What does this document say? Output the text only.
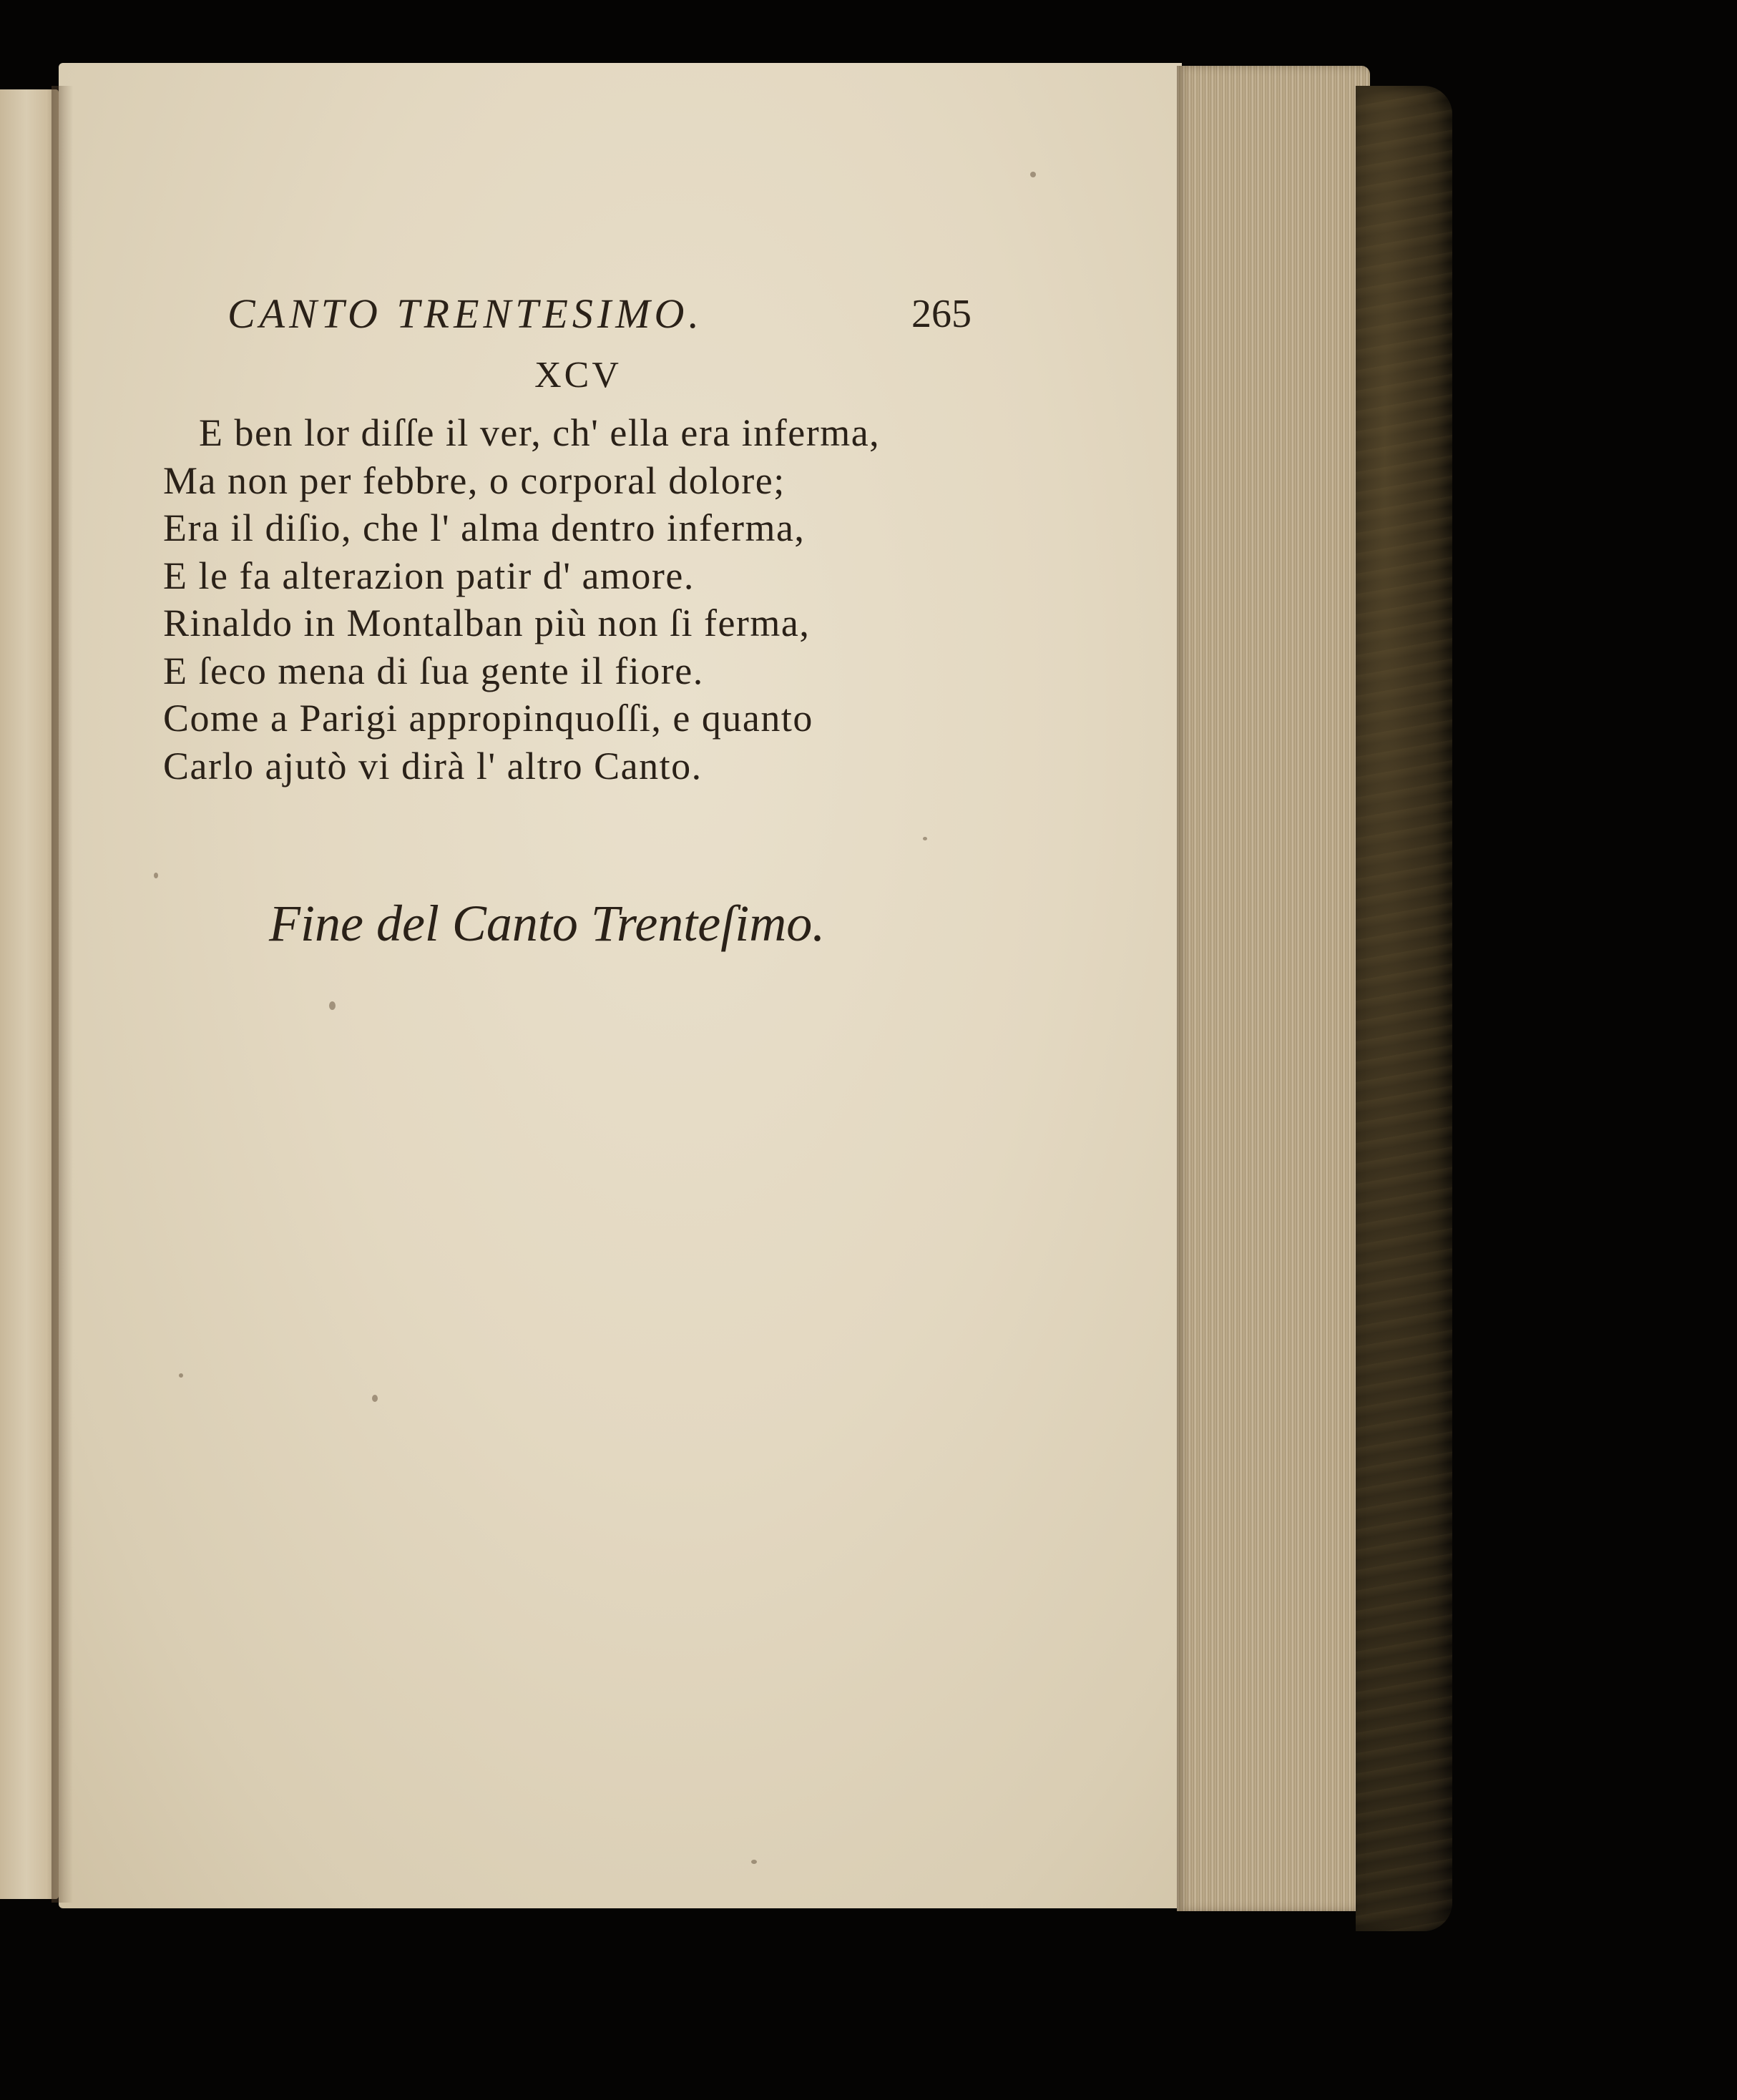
CANTO TRENTESIMO.	265
XCV
E ben lor diſſe il ver, ch' ella era inferma,
Ma non per febbre, o corporal dolore;
Era il diſio, che l' alma dentro inferma,
E le fa alterazion patir d' amore.
Rinaldo in Montalban più non ſi ferma,
E ſeco mena di ſua gente il fiore.
Come a Parigi appropinquoſſi, e quanto
Carlo ajutò vi dirà l' altro Canto.
Fine del Canto Trenteſimo.
